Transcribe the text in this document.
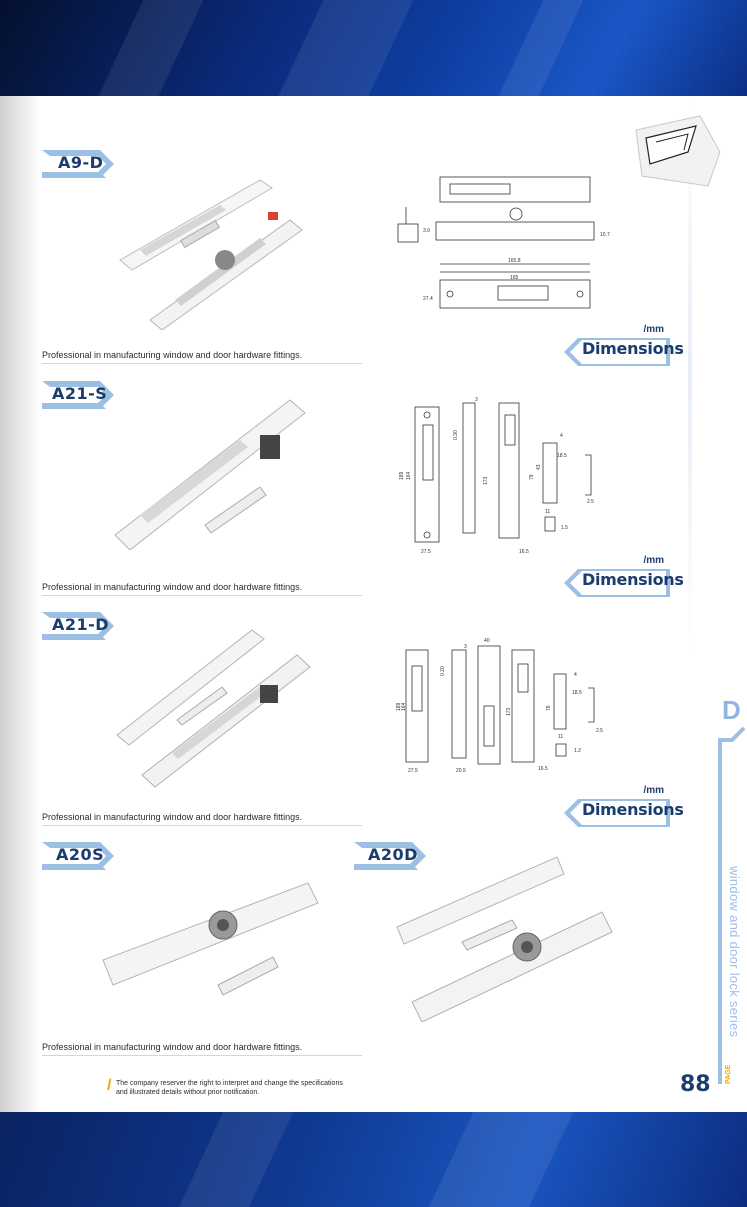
A9-D
165.8
165
3.9
27.4
10.7
Professional in manufacturing window and door hardware fittings.
/mm
Dimensions
A21-S
189 164
0.30
3
173	79
43
4
18.5
11
2.5
1.5
27.5	16.5
Professional in manufacturing window and door hardware fittings.
/mm
Dimensions
A21-D
189 164
0.20
3
40
173	79
4
18.5
11
2.5
1.2
27.5	20.5	16.5
Professional in manufacturing window and door hardware fittings.
/mm
Dimensions
A20S	A20D
Professional in manufacturing window and door hardware fittings.
D
window and door lock series
/ The company reserver the right to interpret and change the specifications
and illustrated details without prior notification.	88 PAGE
